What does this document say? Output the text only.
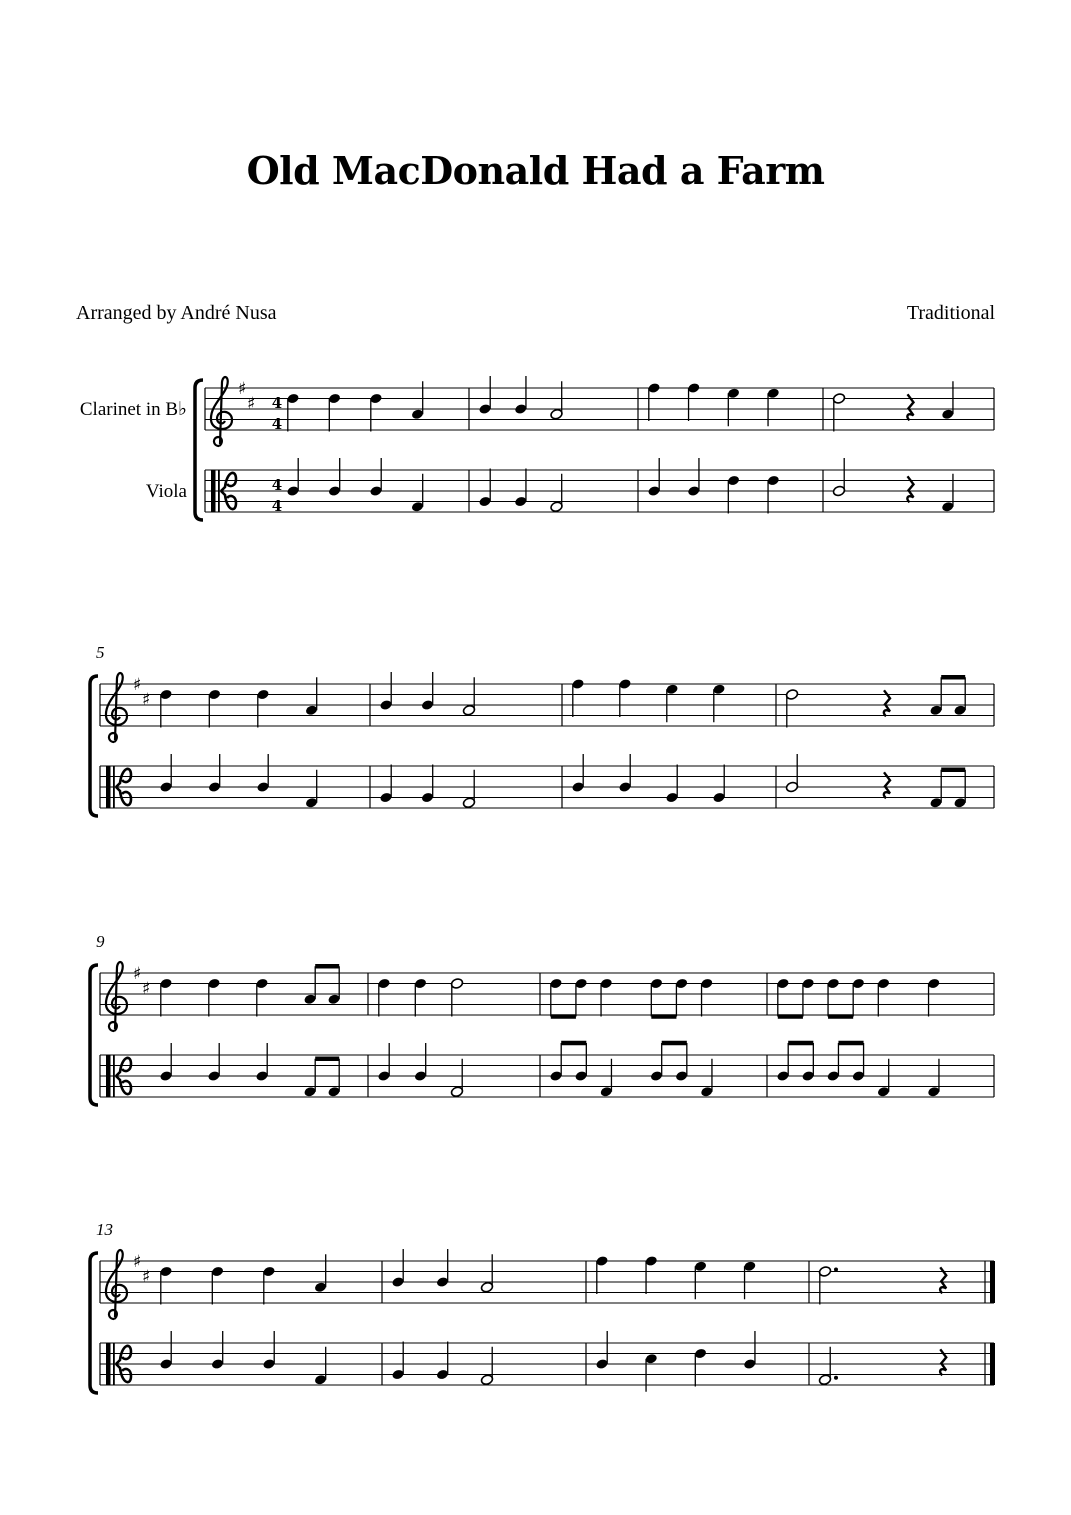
Old MacDonald Had a Farm
Arranged by André Nusa	Traditional
♯
♯
Clarinet in B♭
Viola
4
4
4
4
♯
♯
5
♯
♯
9
♯
♯
13
